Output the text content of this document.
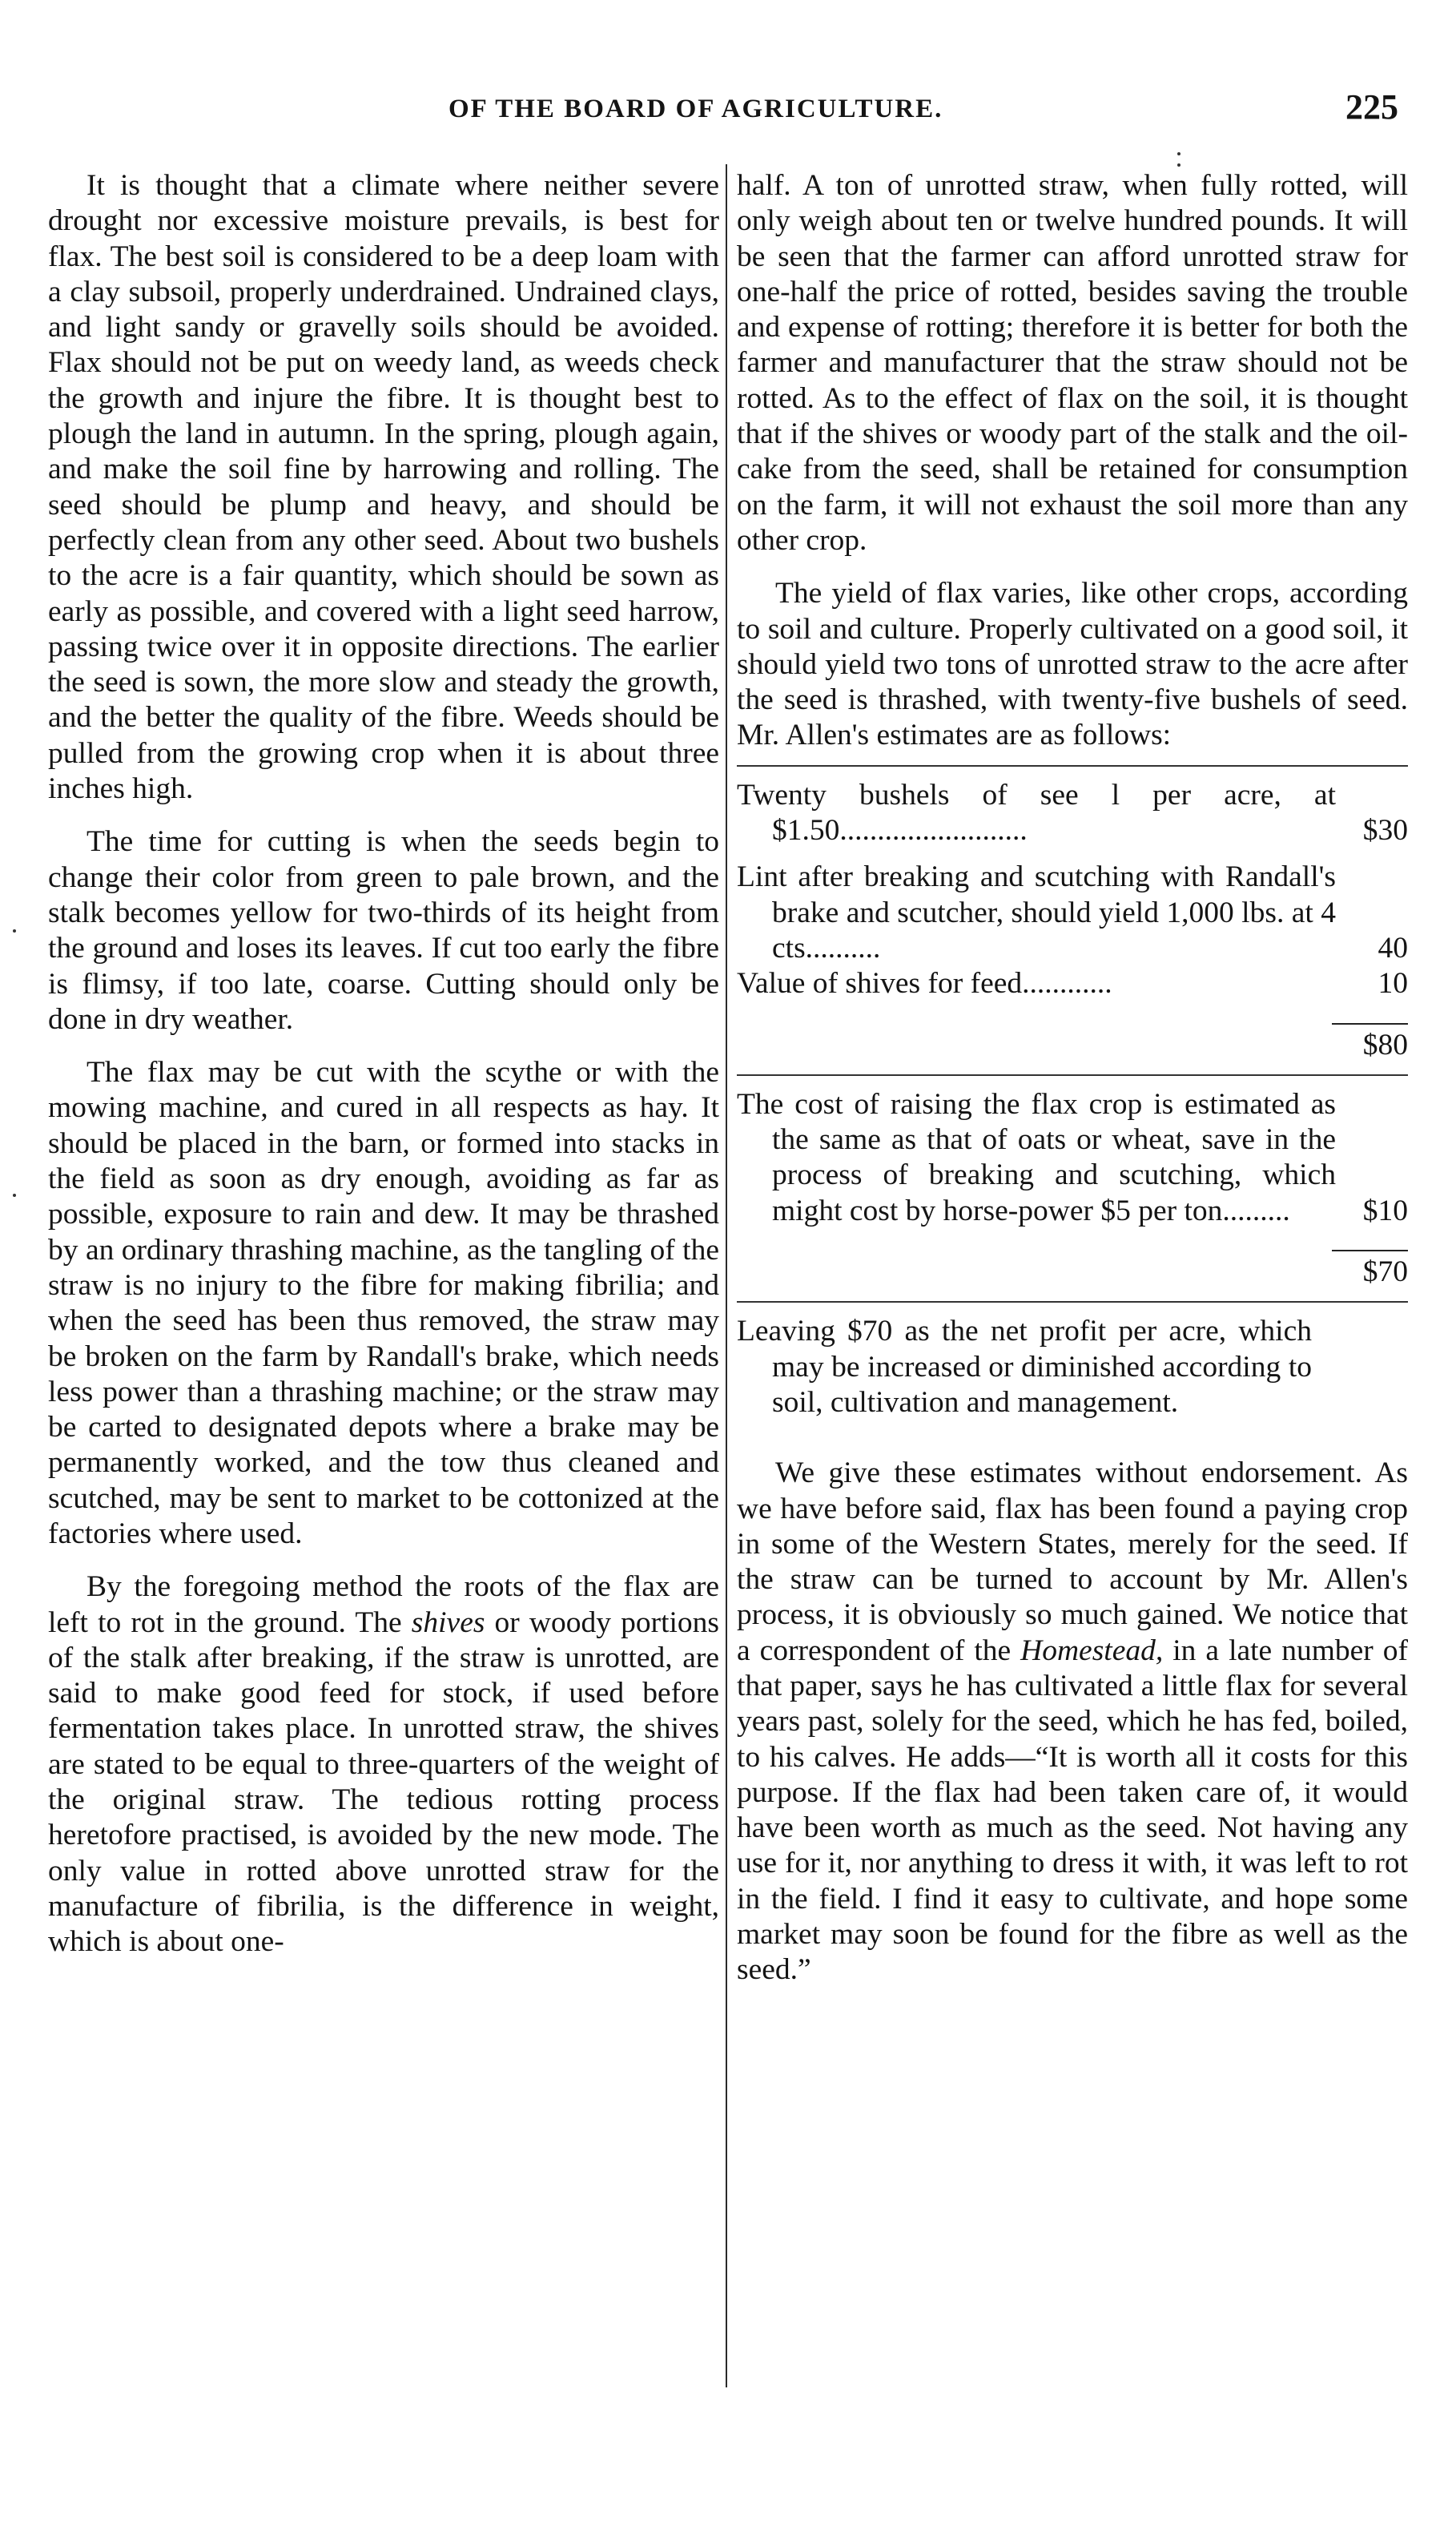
OF THE BOARD OF AGRICULTURE.	225

It is thought that a climate where neither severe drought nor excessive moisture prevails, is best for flax. The best soil is considered to be a deep loam with a clay subsoil, properly underdrained. Undrained clays, and light sandy or gravelly soils should be avoided. Flax should not be put on weedy land, as weeds check the growth and injure the fibre. It is thought best to plough the land in autumn. In the spring, plough again, and make the soil fine by harrowing and rolling. The seed should be plump and heavy, and should be perfectly clean from any other seed. About two bushels to the acre is a fair quantity, which should be sown as early as possible, and covered with a light seed harrow, passing twice over it in opposite directions. The earlier the seed is sown, the more slow and steady the growth, and the better the quality of the fibre. Weeds should be pulled from the growing crop when it is about three inches high.

The time for cutting is when the seeds begin to change their color from green to pale brown, and the stalk becomes yellow for two-thirds of its height from the ground and loses its leaves. If cut too early the fibre is flimsy, if too late, coarse. Cutting should only be done in dry weather.

The flax may be cut with the scythe or with the mowing machine, and cured in all respects as hay. It should be placed in the barn, or formed into stacks in the field as soon as dry enough, avoiding as far as possible, exposure to rain and dew. It may be thrashed by an ordinary thrashing machine, as the tangling of the straw is no injury to the fibre for making fibrilia; and when the seed has been thus removed, the straw may be broken on the farm by Randall's brake, which needs less power than a thrashing machine; or the straw may be carted to designated depots where a brake may be permanently worked, and the tow thus cleaned and scutched, may be sent to market to be cottonized at the factories where used.

By the foregoing method the roots of the flax are left to rot in the ground. The shives or woody portions of the stalk after breaking, if the straw is unrotted, are said to make good feed for stock, if used before fermentation takes place. In unrotted straw, the shives are stated to be equal to three-quarters of the weight of the original straw. The tedious rotting process heretofore practised, is avoided by the new mode. The only value in rotted above unrotted straw for the manufacture of fibrilia, is the difference in weight, which is about one-

half. A ton of unrotted straw, when fully rotted, will only weigh about ten or twelve hundred pounds. It will be seen that the farmer can afford unrotted straw for one-half the price of rotted, besides saving the trouble and expense of rotting; therefore it is better for both the farmer and manufacturer that the straw should not be rotted. As to the effect of flax on the soil, it is thought that if the shives or woody part of the stalk and the oil-cake from the seed, shall be retained for consumption on the farm, it will not exhaust the soil more than any other crop.

The yield of flax varies, like other crops, according to soil and culture. Properly cultivated on a good soil, it should yield two tons of unrotted straw to the acre after the seed is thrashed, with twenty-five bushels of seed. Mr. Allen's estimates are as follows:

Twenty bushels of see l per acre, at $1.50.........................	$30
Lint after breaking and scutching with Randall's brake and scutcher, should yield 1,000 lbs. at 4 cts..........	40
Value of shives for feed............	10
$80
The cost of raising the flax crop is estimated as the same as that of oats or wheat, save in the process of breaking and scutching, which might cost by horse-power $5 per ton.........	$10
$70
Leaving $70 as the net profit per acre, which may be increased or diminished according to soil, cultivation and management.

We give these estimates without endorsement. As we have before said, flax has been found a paying crop in some of the Western States, merely for the seed. If the straw can be turned to account by Mr. Allen's process, it is obviously so much gained. We notice that a correspondent of the Homestead, in a late number of that paper, says he has cultivated a little flax for several years past, solely for the seed, which he has fed, boiled, to his calves. He adds—“It is worth all it costs for this purpose. If the flax had been taken care of, it would have been worth as much as the seed. Not having any use for it, nor anything to dress it with, it was left to rot in the field. I find it easy to cultivate, and hope some market may soon be found for the fibre as well as the seed.”
